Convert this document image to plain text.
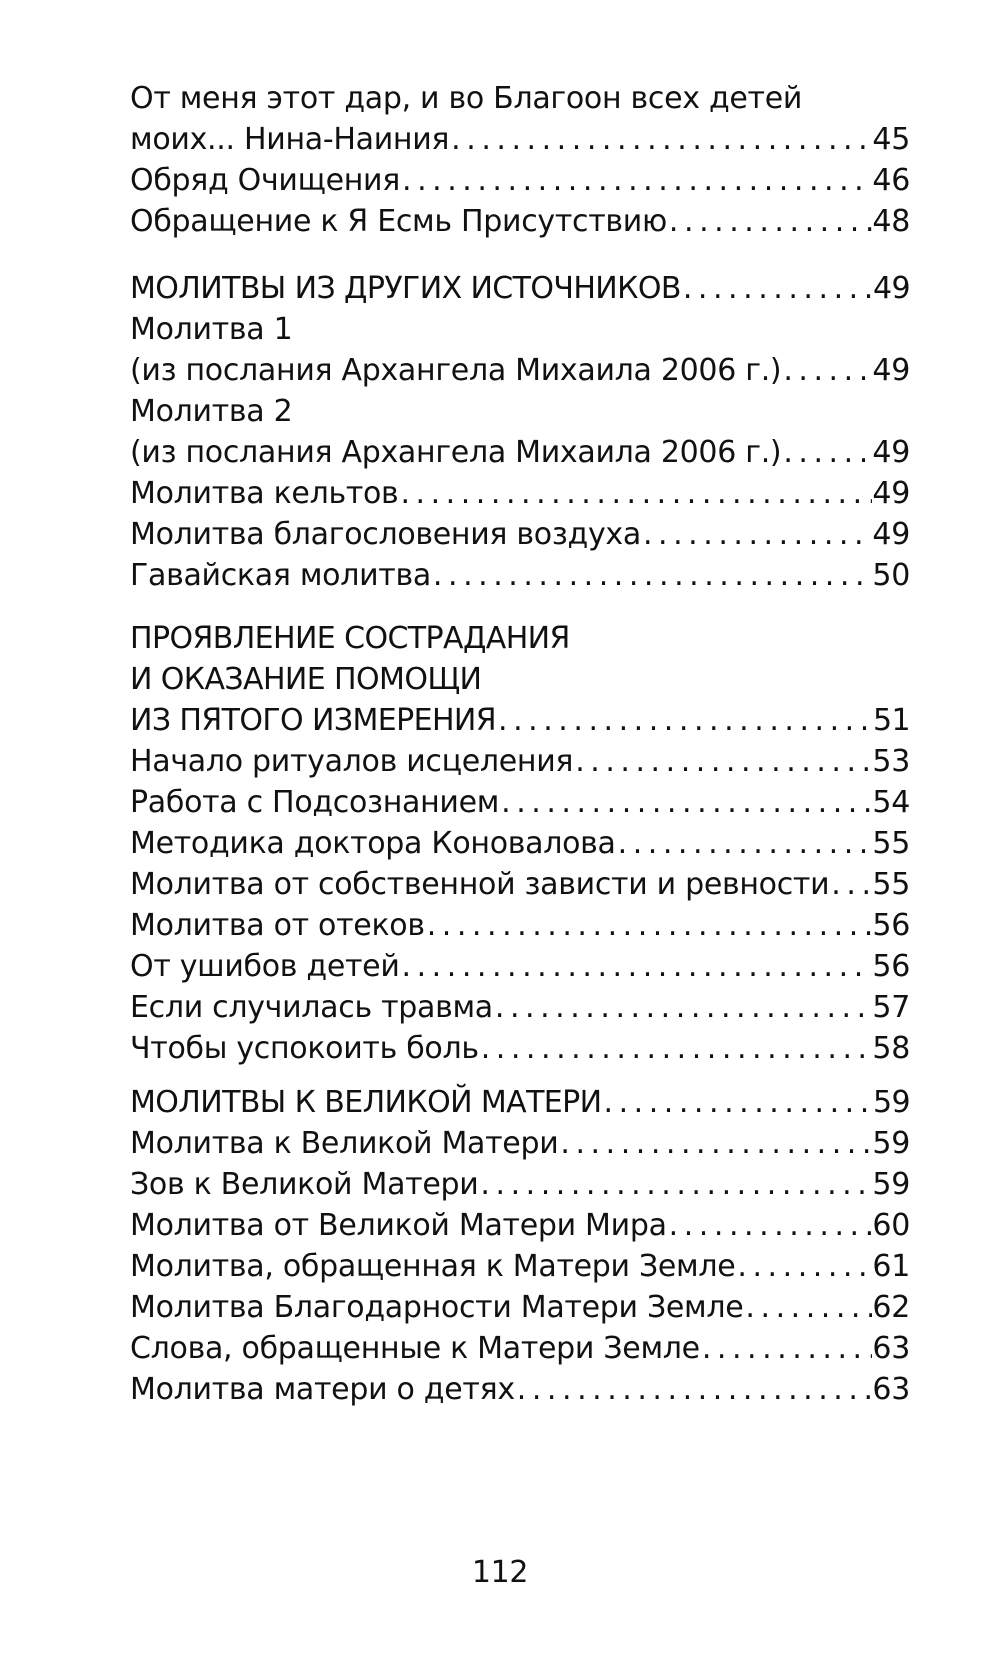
От меня этот дар, и во Благоон всех детей
моих... Нина-Наиния . . .	45
Обряд Очищения . . .	46
Обращение к Я Есмь Присутствию . . .	48
МОЛИТВЫ ИЗ ДРУГИХ ИСТОЧНИКОВ . . .	49
Молитва 1
(из послания Архангела Михаила 2006 г.) . . .	49
Молитва 2
(из послания Архангела Михаила 2006 г.) . . .	49
Молитва кельтов . . .	49
Молитва благословения воздуха . . .	49
Гавайская молитва . . .	50
ПРОЯВЛЕНИЕ СОСТРАДАНИЯ
И ОКАЗАНИЕ ПОМОЩИ
ИЗ ПЯТОГО ИЗМЕРЕНИЯ . . .	51
Начало ритуалов исцеления . . .	53
Работа с Подсознанием . . .	54
Методика доктора Коновалова . . .	55
Молитва от собственной зависти и ревности . . . 55
Молитва от отеков . . .	56
От ушибов детей . . .	56
Если случилась травма . . .	57
Чтобы успокоить боль . . .	58
МОЛИТВЫ К ВЕЛИКОЙ МАТЕРИ . . .	59
Молитва к Великой Матери . . .	59
Зов к Великой Матери . . .	59
Молитва от Великой Матери Мира . . .	60
Молитва, обращенная к Матери Земле . . .	61
Молитва Благодарности Матери Земле . . .	62
Слова, обращенные к Матери Земле . . .	63
Молитва матери о детях . . .	63
112
